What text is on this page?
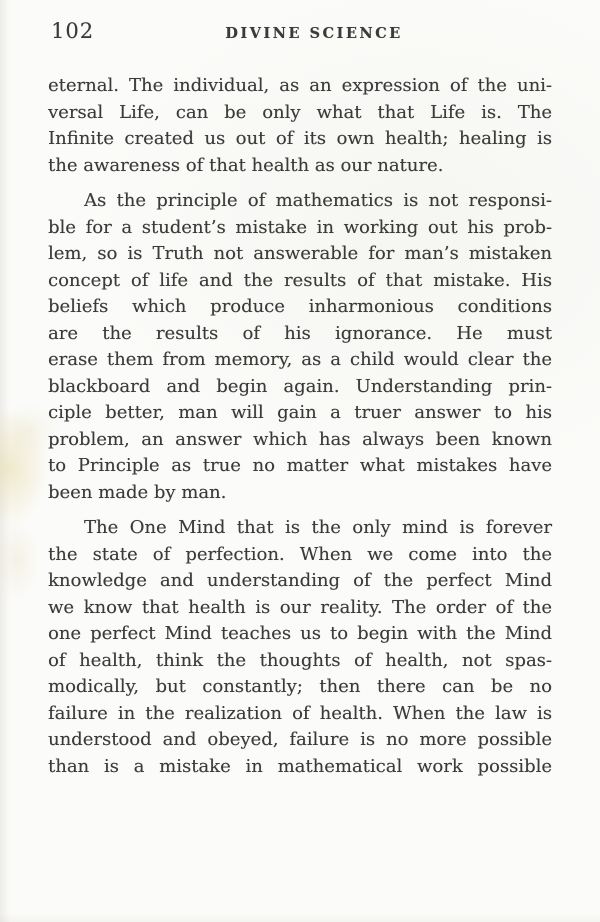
102	DIVINE SCIENCE
eternal. The individual, as an expression of the uni-
versal Life, can be only what that Life is. The
Infinite created us out of its own health; healing is
the awareness of that health as our nature.
As the principle of mathematics is not responsi-
ble for a student’s mistake in working out his prob-
lem, so is Truth not answerable for man’s mistaken
concept of life and the results of that mistake. His
beliefs which produce inharmonious conditions
are the results of his ignorance. He must
erase them from memory, as a child would clear the
blackboard and begin again. Understanding prin-
ciple better, man will gain a truer answer to his
problem, an answer which has always been known
to Principle as true no matter what mistakes have
been made by man.
The One Mind that is the only mind is forever
the state of perfection. When we come into the
knowledge and understanding of the perfect Mind
we know that health is our reality. The order of the
one perfect Mind teaches us to begin with the Mind
of health, think the thoughts of health, not spas-
modically, but constantly; then there can be no
failure in the realization of health. When the law is
understood and obeyed, failure is no more possible
than is a mistake in mathematical work possible
